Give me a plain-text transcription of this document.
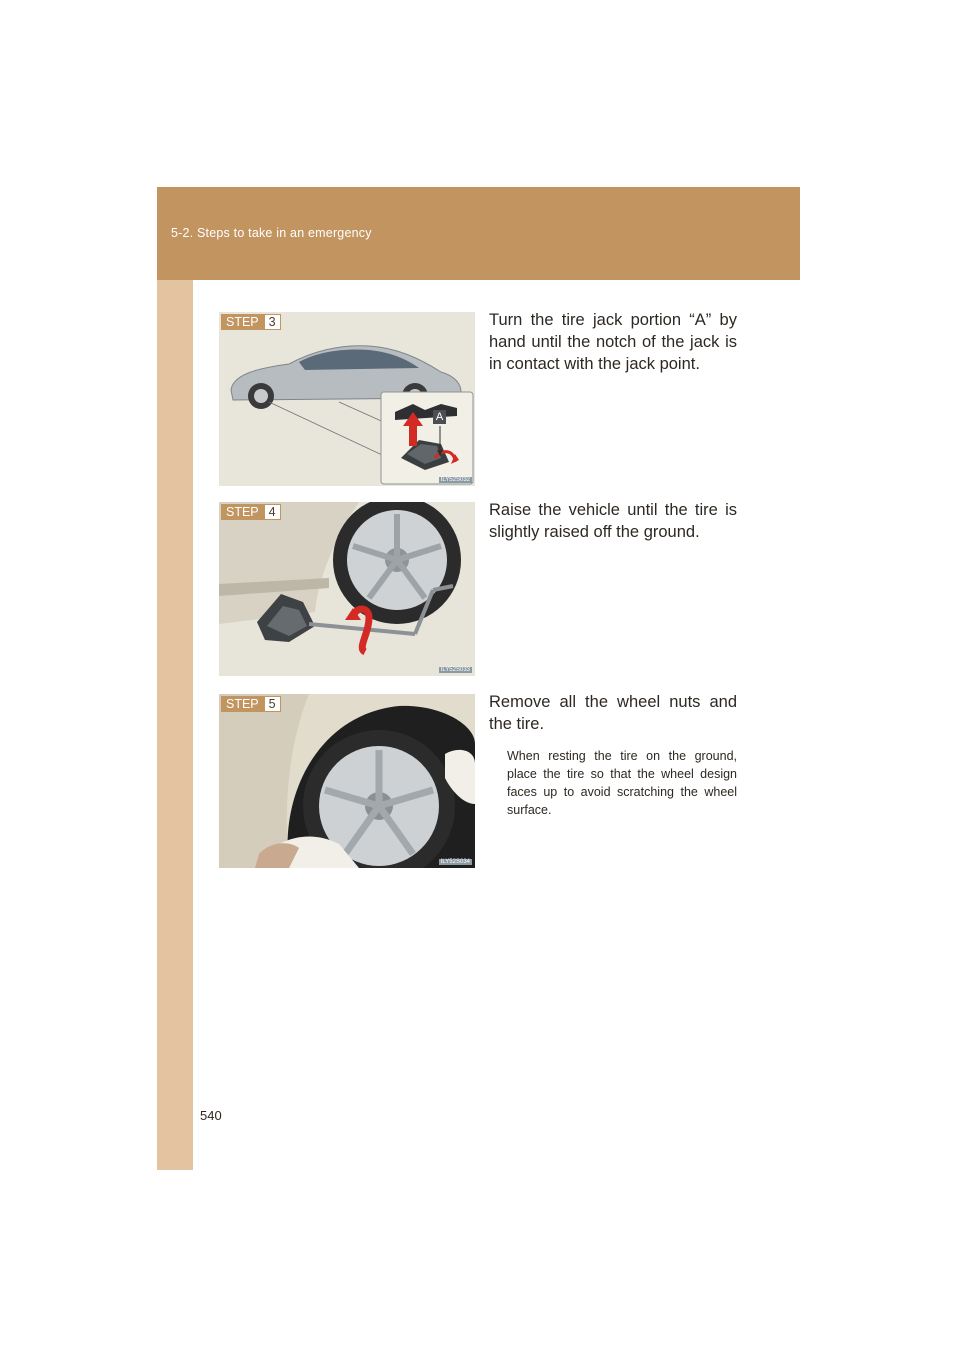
5-2. Steps to take in an emergency
STEP 3
A
ILY52S032
Turn the tire jack portion “A” by hand until the notch of the jack is in contact with the jack point.
STEP 4
ILY52S033
Raise the vehicle until the tire is slightly raised off the ground.
STEP 5
ILY52S034
Remove all the wheel nuts and the tire.
When resting the tire on the ground, place the tire so that the wheel design faces up to avoid scratching the wheel surface.
540
